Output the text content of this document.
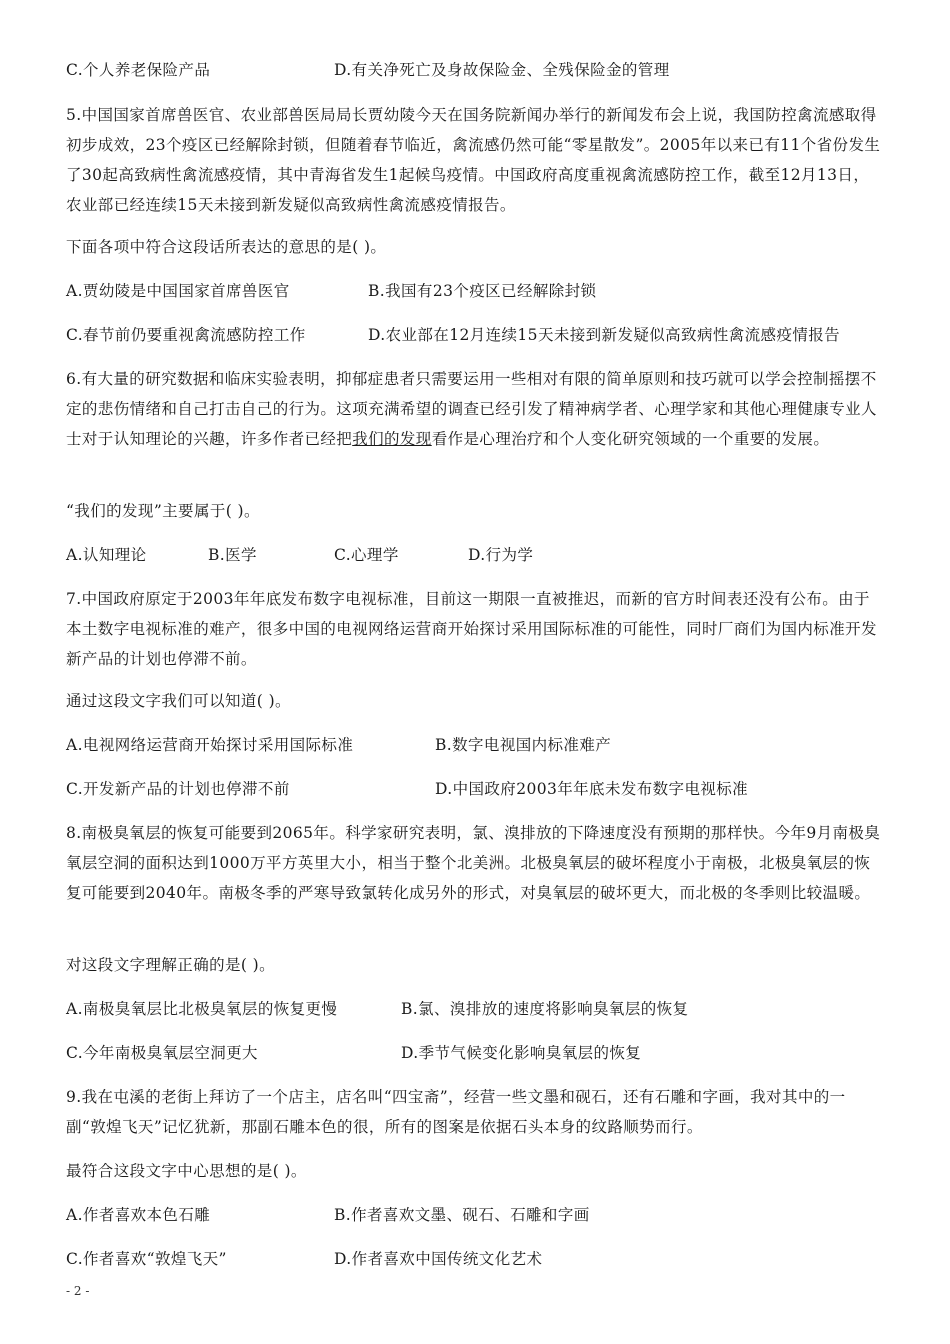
C.个人养老保险产品	D.有关净死亡及身故保险金、全残保险金的管理

5.中国国家首席兽医官、农业部兽医局局长贾幼陵今天在国务院新闻办举行的新闻发布会上说，我国防控禽流感取得初步成效，23个疫区已经解除封锁，但随着春节临近，禽流感仍然可能“零星散发”。2005年以来已有11个省份发生了30起高致病性禽流感疫情，其中青海省发生1起候鸟疫情。中国政府高度重视禽流感防控工作，截至12月13日，农业部已经连续15天未接到新发疑似高致病性禽流感疫情报告。

下面各项中符合这段话所表达的意思的是( )。

A.贾幼陵是中国国家首席兽医官	B.我国有23个疫区已经解除封锁
C.春节前仍要重视禽流感防控工作	D.农业部在12月连续15天未接到新发疑似高致病性禽流感疫情报告

6.有大量的研究数据和临床实验表明，抑郁症患者只需要运用一些相对有限的简单原则和技巧就可以学会控制摇摆不定的悲伤情绪和自己打击自己的行为。这项充满希望的调查已经引发了精神病学者、心理学家和其他心理健康专业人士对于认知理论的兴趣，许多作者已经把我们的发现看作是心理治疗和个人变化研究领域的一个重要的发展。

“我们的发现”主要属于( )。

A.认知理论	B.医学	C.心理学	D.行为学

7.中国政府原定于2003年年底发布数字电视标准，目前这一期限一直被推迟，而新的官方时间表还没有公布。由于本土数字电视标准的难产，很多中国的电视网络运营商开始探讨采用国际标准的可能性，同时厂商们为国内标准开发新产品的计划也停滞不前。

通过这段文字我们可以知道( )。

A.电视网络运营商开始探讨采用国际标准	B.数字电视国内标准难产
C.开发新产品的计划也停滞不前	D.中国政府2003年年底未发布数字电视标准

8.南极臭氧层的恢复可能要到2065年。科学家研究表明，氯、溴排放的下降速度没有预期的那样快。今年9月南极臭氧层空洞的面积达到1000万平方英里大小，相当于整个北美洲。北极臭氧层的破坏程度小于南极，北极臭氧层的恢复可能要到2040年。南极冬季的严寒导致氯转化成另外的形式，对臭氧层的破坏更大，而北极的冬季则比较温暖。

对这段文字理解正确的是( )。

A.南极臭氧层比北极臭氧层的恢复更慢	B.氯、溴排放的速度将影响臭氧层的恢复
C.今年南极臭氧层空洞更大	D.季节气候变化影响臭氧层的恢复

9.我在屯溪的老街上拜访了一个店主，店名叫“四宝斋”，经营一些文墨和砚石，还有石雕和字画，我对其中的一副“敦煌飞天”记忆犹新，那副石雕本色的很，所有的图案是依据石头本身的纹路顺势而行。

最符合这段文字中心思想的是( )。

A.作者喜欢本色石雕	B.作者喜欢文墨、砚石、石雕和字画
C.作者喜欢“敦煌飞天”	D.作者喜欢中国传统文化艺术
- 2 -
